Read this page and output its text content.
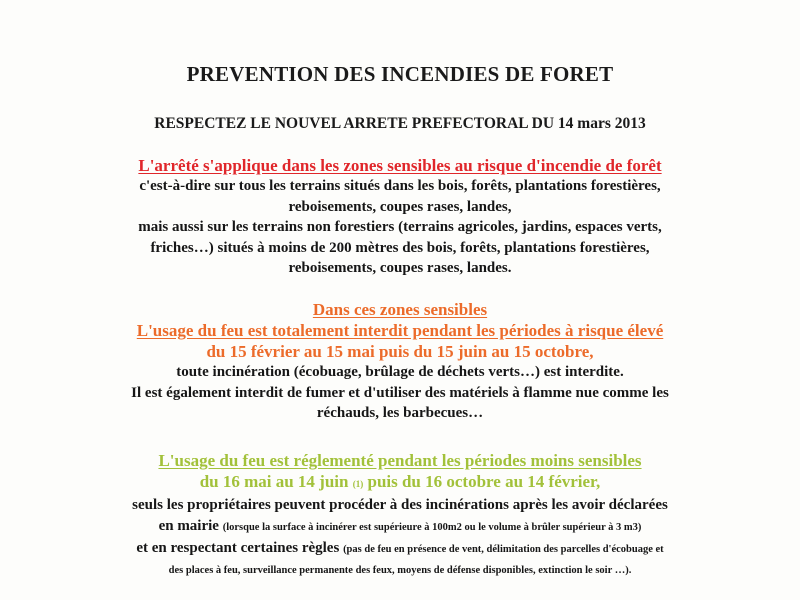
PREVENTION DES INCENDIES DE FORET
RESPECTEZ LE NOUVEL ARRETE PREFECTORAL DU 14 mars 2013
L'arrêté s'applique dans les zones sensibles au risque d'incendie de forêt
c'est-à-dire sur tous les terrains situés dans les bois, forêts, plantations forestières,
reboisements, coupes rases, landes,
mais aussi sur les terrains non forestiers (terrains agricoles, jardins, espaces verts,
friches…) situés à moins de 200 mètres des bois, forêts, plantations forestières,
reboisements, coupes rases, landes.
Dans ces zones sensibles
L'usage du feu est totalement interdit pendant les périodes à risque élevé
du 15 février au 15 mai puis du 15 juin au 15 octobre,
toute incinération (écobuage, brûlage de déchets verts…) est interdite.
Il est également interdit de fumer et d'utiliser des matériels à flamme nue comme les
réchauds, les barbecues…
L'usage du feu est réglementé pendant les périodes moins sensibles
du 16 mai au 14 juin (1) puis du 16 octobre au 14 février,
seuls les propriétaires peuvent procéder à des incinérations après les avoir déclarées
en mairie (lorsque la surface à incinérer est supérieure à 100m2 ou le volume à brûler supérieur à 3 m3)
et en respectant certaines règles (pas de feu en présence de vent, délimitation des parcelles d'écobuage et
des places à feu, surveillance permanente des feux, moyens de défense disponibles, extinction le soir …).
